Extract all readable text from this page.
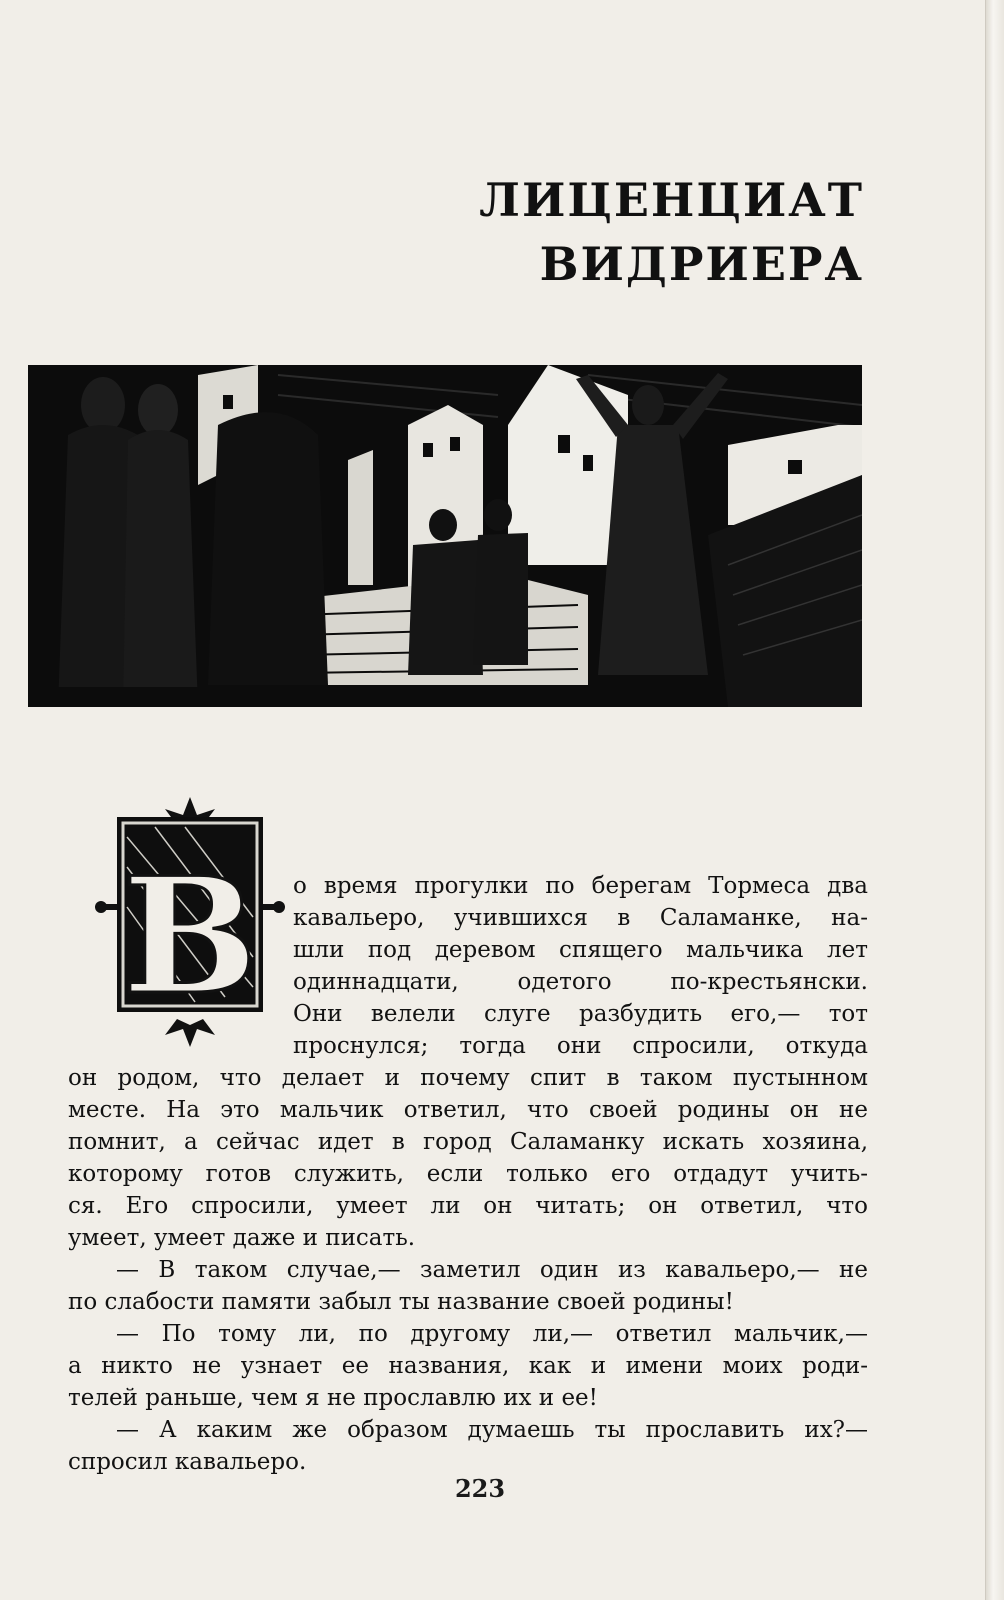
ЛИЦЕНЦИАТ
ВИДРИЕРА
В о время прогулки по берегам Тормеса два
кавальеро, учившихся в Саламанке, на-
шли под деревом спящего мальчика лет
одиннадцати, одетого по-крестьянски.
Они велели слуге разбудить его,— тот
проснулся; тогда они спросили, откуда
он родом, что делает и почему спит в таком пустынном
месте. На это мальчик ответил, что своей родины он не
помнит, а сейчас идет в город Саламанку искать хозяина,
которому готов служить, если только его отдадут учить-
ся. Его спросили, умеет ли он читать; он ответил, что
умеет, умеет даже и писать.
— В таком случае,— заметил один из кавальеро,— не
по слабости памяти забыл ты название своей родины!
— По тому ли, по другому ли,— ответил мальчик,—
а никто не узнает ее названия, как и имени моих роди-
телей раньше, чем я не прославлю их и ее!
— А каким же образом думаешь ты прославить их?—
спросил кавальеро.
223
